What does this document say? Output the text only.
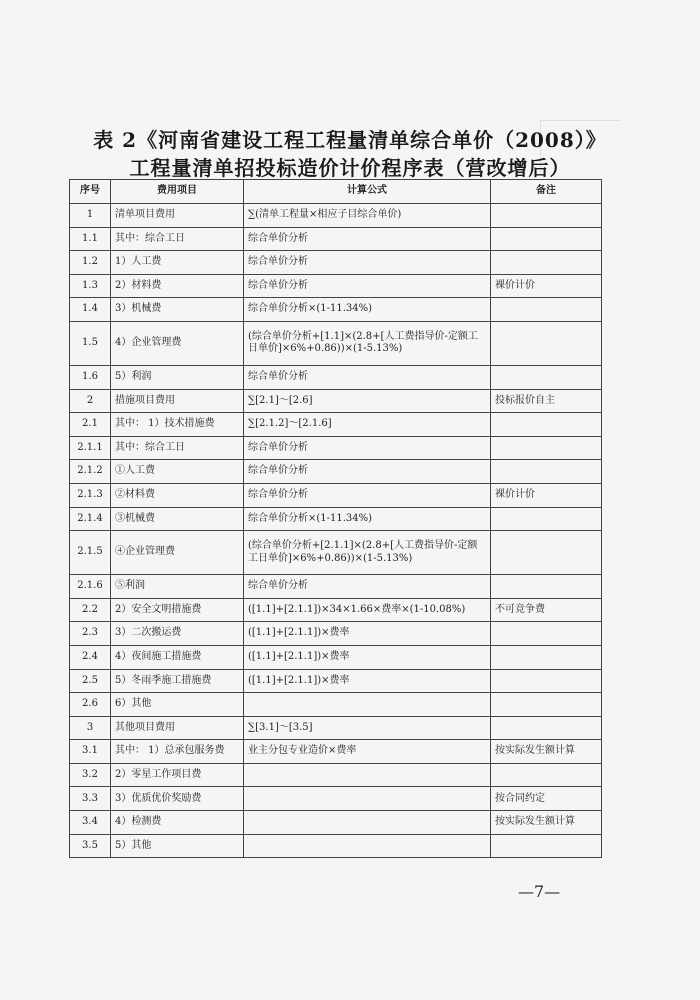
表 2《河南省建设工程工程量清单综合单价（2008）》
工程量清单招投标造价计价程序表（营改增后）
序号	费用项目	计算公式	备注
1	清单项目费用	∑(清单工程量×相应子目综合单价)	
1.1	其中：综合工日	综合单价分析	
1.2	1）人工费	综合单价分析	
1.3	2）材料费	综合单价分析	裸价计价
1.4	3）机械费	综合单价分析×(1-11.34%)	
1.5	4）企业管理费	(综合单价分析+[1.1]×(2.8+[人工费指导价-定额工日单价]×6%+0.86))×(1-5.13%)	
1.6	5）利润	综合单价分析	
2	措施项目费用	∑[2.1]～[2.6]	投标报价自主
2.1	其中： 1）技术措施费	∑[2.1.2]～[2.1.6]	
2.1.1	其中：综合工日	综合单价分析	
2.1.2	①人工费	综合单价分析	
2.1.3	②材料费	综合单价分析	裸价计价
2.1.4	③机械费	综合单价分析×(1-11.34%)	
2.1.5	④企业管理费	(综合单价分析+[2.1.1]×(2.8+[人工费指导价-定额工日单价]×6%+0.86))×(1-5.13%)	
2.1.6	⑤利润	综合单价分析	
2.2	2）安全文明措施费	([1.1]+[2.1.1])×34×1.66×费率×(1-10.08%)	不可竞争费
2.3	3）二次搬运费	([1.1]+[2.1.1])×费率	
2.4	4）夜间施工措施费	([1.1]+[2.1.1])×费率	
2.5	5）冬雨季施工措施费	([1.1]+[2.1.1])×费率	
2.6	6）其他		
3	其他项目费用	∑[3.1]～[3.5]	
3.1	其中： 1）总承包服务费	业主分包专业造价×费率	按实际发生额计算
3.2	2）零星工作项目费		
3.3	3）优质优价奖励费		按合同约定
3.4	4）检测费		按实际发生额计算
3.5	5）其他		
—7—
